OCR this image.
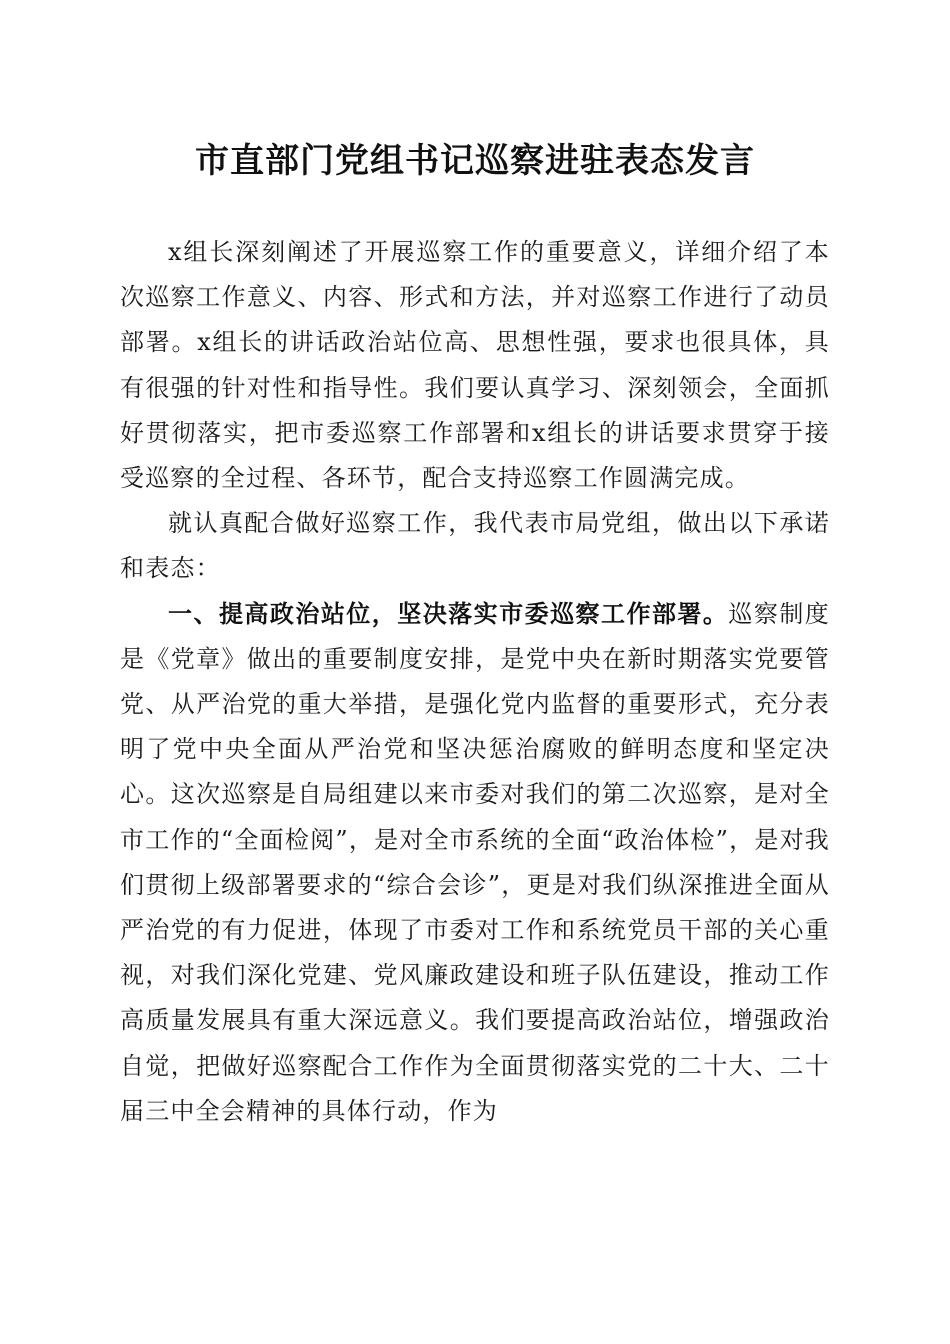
市直部门党组书记巡察进驻表态发言

x组长深刻阐述了开展巡察工作的重要意义，详细介绍了本次巡察工作意义、内容、形式和方法，并对巡察工作进行了动员部署。x组长的讲话政治站位高、思想性强，要求也很具体，具有很强的针对性和指导性。我们要认真学习、深刻领会，全面抓好贯彻落实，把市委巡察工作部署和x组长的讲话要求贯穿于接受巡察的全过程、各环节，配合支持巡察工作圆满完成。

就认真配合做好巡察工作，我代表市局党组，做出以下承诺和表态：

一、提高政治站位，坚决落实市委巡察工作部署。巡察制度是《党章》做出的重要制度安排，是党中央在新时期落实党要管党、从严治党的重大举措，是强化党内监督的重要形式，充分表明了党中央全面从严治党和坚决惩治腐败的鲜明态度和坚定决心。这次巡察是自局组建以来市委对我们的第二次巡察，是对全市工作的“全面检阅”，是对全市系统的全面“政治体检”，是对我们贯彻上级部署要求的“综合会诊”，更是对我们纵深推进全面从严治党的有力促进，体现了市委对工作和系统党员干部的关心重视，对我们深化党建、党风廉政建设和班子队伍建设，推动工作高质量发展具有重大深远意义。我们要提高政治站位，增强政治自觉，把做好巡察配合工作作为全面贯彻落实党的二十大、二十届三中全会精神的具体行动，作为
